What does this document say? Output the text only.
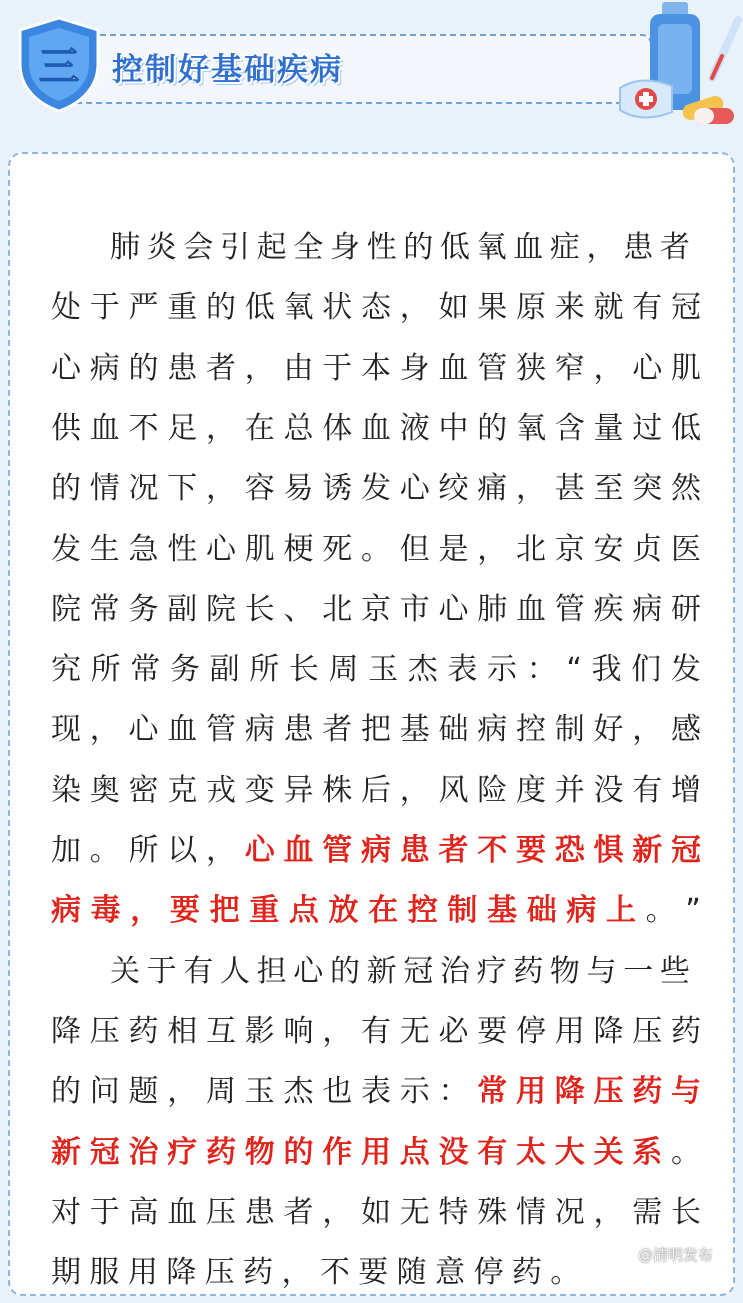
三 控制好基础疾病
肺 炎 会 引 起 全 身 性 的 低 氧 血 症 ， 患 者
处 于 严 重 的 低 氧 状 态 ， 如 果 原 来 就 有 冠
心 病 的 患 者 ， 由 于 本 身 血 管 狭 窄 ， 心 肌
供 血 不 足 ， 在 总 体 血 液 中 的 氧 含 量 过 低
的 情 况 下 ， 容 易 诱 发 心 绞 痛 ， 甚 至 突 然
发 生 急 性 心 肌 梗 死 。 但 是 ， 北 京 安 贞 医
院 常 务 副 院 长 、 北 京 市 心 肺 血 管 疾 病 研
究 所 常 务 副 所 长 周 玉 杰 表 示 ： “ 我 们 发
现 ， 心 血 管 病 患 者 把 基 础 病 控 制 好 ， 感
染 奥 密 克 戎 变 异 株 后 ， 风 险 度 并 没 有 增
加 。 所 以 ， 心 血 管 病 患 者 不 要 恐 惧 新 冠
病 毒 ， 要 把 重 点 放 在 控 制 基 础 病 上 。 ”
关 于 有 人 担 心 的 新 冠 治 疗 药 物 与 一 些
降 压 药 相 互 影 响 ， 有 无 必 要 停 用 降 压 药
的 问 题 ， 周 玉 杰 也 表 示 ： 常 用 降 压 药 与
新 冠 治 疗 药 物 的 作 用 点 没 有 太 大 关 系 。
对 于 高 血 压 患 者 ， 如 无 特 殊 情 况 ， 需 长
期 服 用 降 压 药 ， 不 要 随 意 停 药 。
@清明发布
